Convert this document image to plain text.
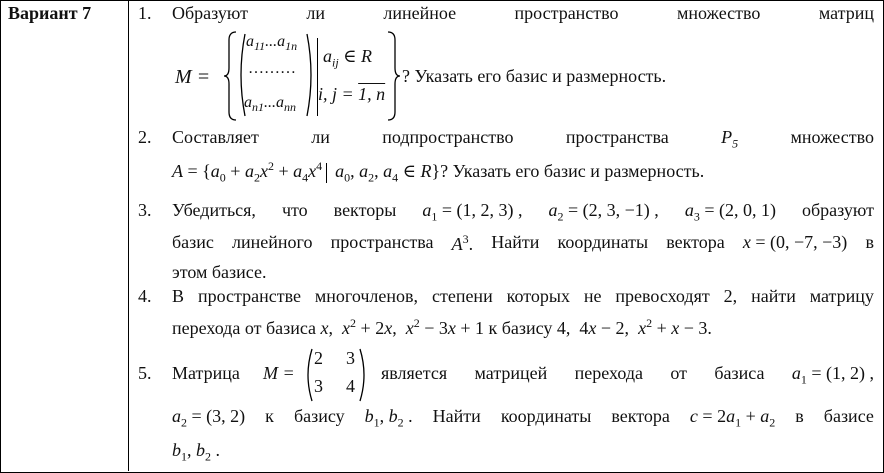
Вариант 7	1. Образуют	ли	линейное	пространство	множество	матриц
M =
$a_{11}...a_{1n}$
………
$a_{n1}...a_{nn}$
$a_{ij}$ ∈ R
i, j = 1, n
? Указать его базис и размерность.
2. Составляет	ли	подпространство	пространства	$P_5$	множество
$A = \{a_0 + a_2x^2 + a_4x^4$ $a_0$, $a_2$, $a_4$ ∈ R}? Указать его базис и размерность.
3. Убедиться, что векторы $a_1 = (1$, 2, 3) , $a_2 = (2$, 3, −1) , $a_3 = (2$, 0, 1) образуют
базис линейного пространства $A^3$. Найти координаты вектора x = (0, −7, −3) в
этом базисе.
4. В пространстве многочленов, степени которых не превосходят 2, найти матрицу
перехода от базиса x,  $x^2 + 2x$,  $x^2 - 3x + 1$ к базису 4,  4x − 2,  $x^2 + x - 3$.
5. Матрица M =
2 3
3 4
является матрицей перехода от базиса $a_1 = (1$, 2) ,
$a_2 = (3$, 2) к базису $b_1$, $b_2$ . Найти координаты вектора $c = 2a_1 + a_2$ в базисе
$b_1$, $b_2$ .
